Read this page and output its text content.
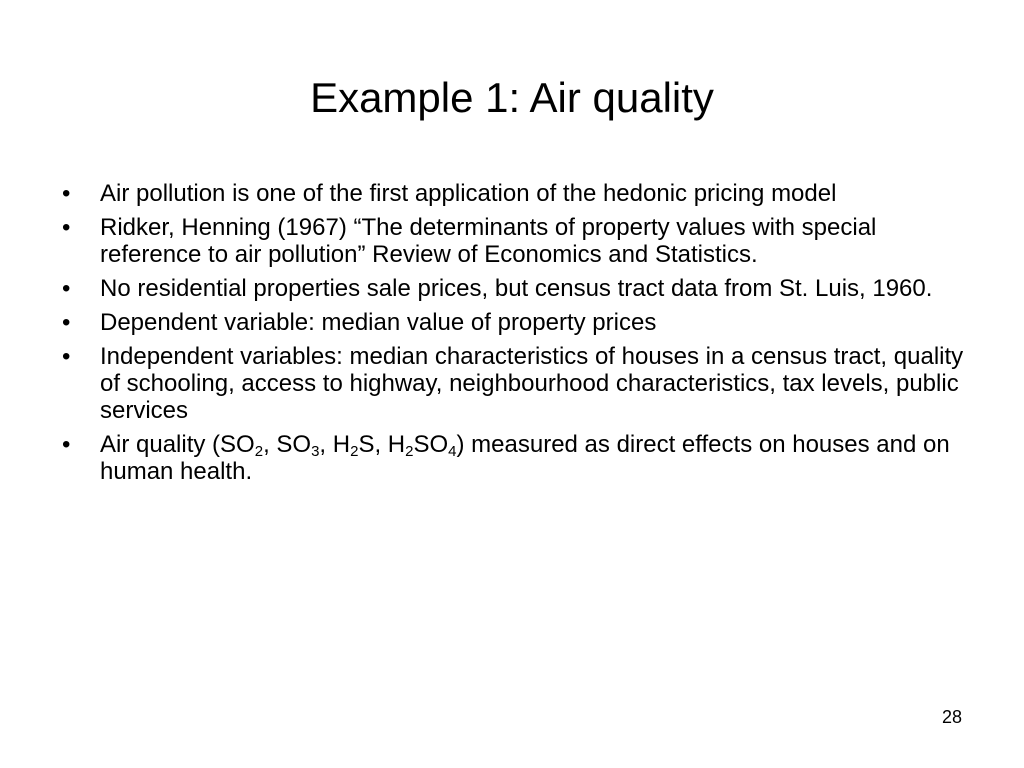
Example 1: Air quality
•	Air pollution is one of the first application of the hedonic pricing model
•	Ridker, Henning (1967) “The determinants of property values with special reference to air pollution” Review of Economics and Statistics.
•	No residential properties sale prices, but census tract data from St. Luis, 1960.
•	Dependent variable: median value of property prices
•	Independent variables: median characteristics of houses in a census tract, quality of schooling, access to highway, neighbourhood characteristics, tax levels, public services
•	Air quality ($SO_2$, $SO_3$, $H_2S$, $H_2SO_4$) measured as direct effects on houses and on human health.
28
